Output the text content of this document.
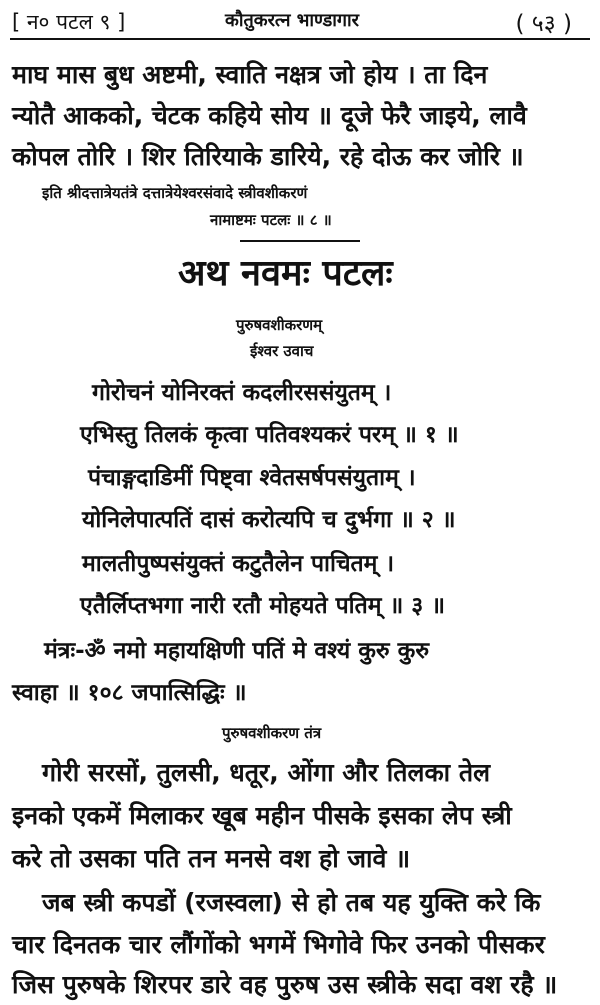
[ न० पटल ९ ]	कौतुकरत्न भाण्डागार	( ५३ )
माघ मास बुध अष्टमी, स्वाति नक्षत्र जो होय । ता दिन
न्योतै आकको, चेटक कहिये सोय ॥ दूजे फेरै जाइये, लावै
कोपल तोरि । शिर तिरियाके डारिये, रहे दोऊ कर जोरि ॥
इति श्रीदत्तात्रेयतंत्रे दत्तात्रेयेश्वरसंवादे स्त्रीवशीकरणं
नामाष्टमः पटलः ॥ ८ ॥
अथ नवमः पटलः
पुरुषवशीकरणम्
ईश्वर उवाच
गोरोचनं योनिरक्तं कदलीरससंयुतम् ।
एभिस्तु तिलकं कृत्वा पतिवश्यकरं परम् ॥ १ ॥
पंचाङ्गदाडिमीं पिष्ट्वा श्वेतसर्षपसंयुताम् ।
योनिलेपात्पतिं दासं करोत्यपि च दुर्भगा ॥ २ ॥
मालतीपुष्पसंयुक्तं कटुतैलेन पाचितम् ।
एतैर्लिप्तभगा नारी रतौ मोहयते पतिम् ॥ ३ ॥
मंत्रः-ॐ नमो महायक्षिणी पतिं मे वश्यं कुरु कुरु
स्वाहा ॥ १०८ जपात्सिद्धिः ॥
पुरुषवशीकरण तंत्र
गोरी सरसों, तुलसी, धतूर, ओंगा और तिलका तेल
इनको एकमें मिलाकर खूब महीन पीसके इसका लेप स्त्री
करे तो उसका पति तन मनसे वश हो जावे ॥
जब स्त्री कपडों (रजस्वला) से हो तब यह युक्ति करे कि
चार दिनतक चार लौंगोंको भगमें भिगोवे फिर उनको पीसकर
जिस पुरुषके शिरपर डारे वह पुरुष उस स्त्रीके सदा वश रहै ॥
